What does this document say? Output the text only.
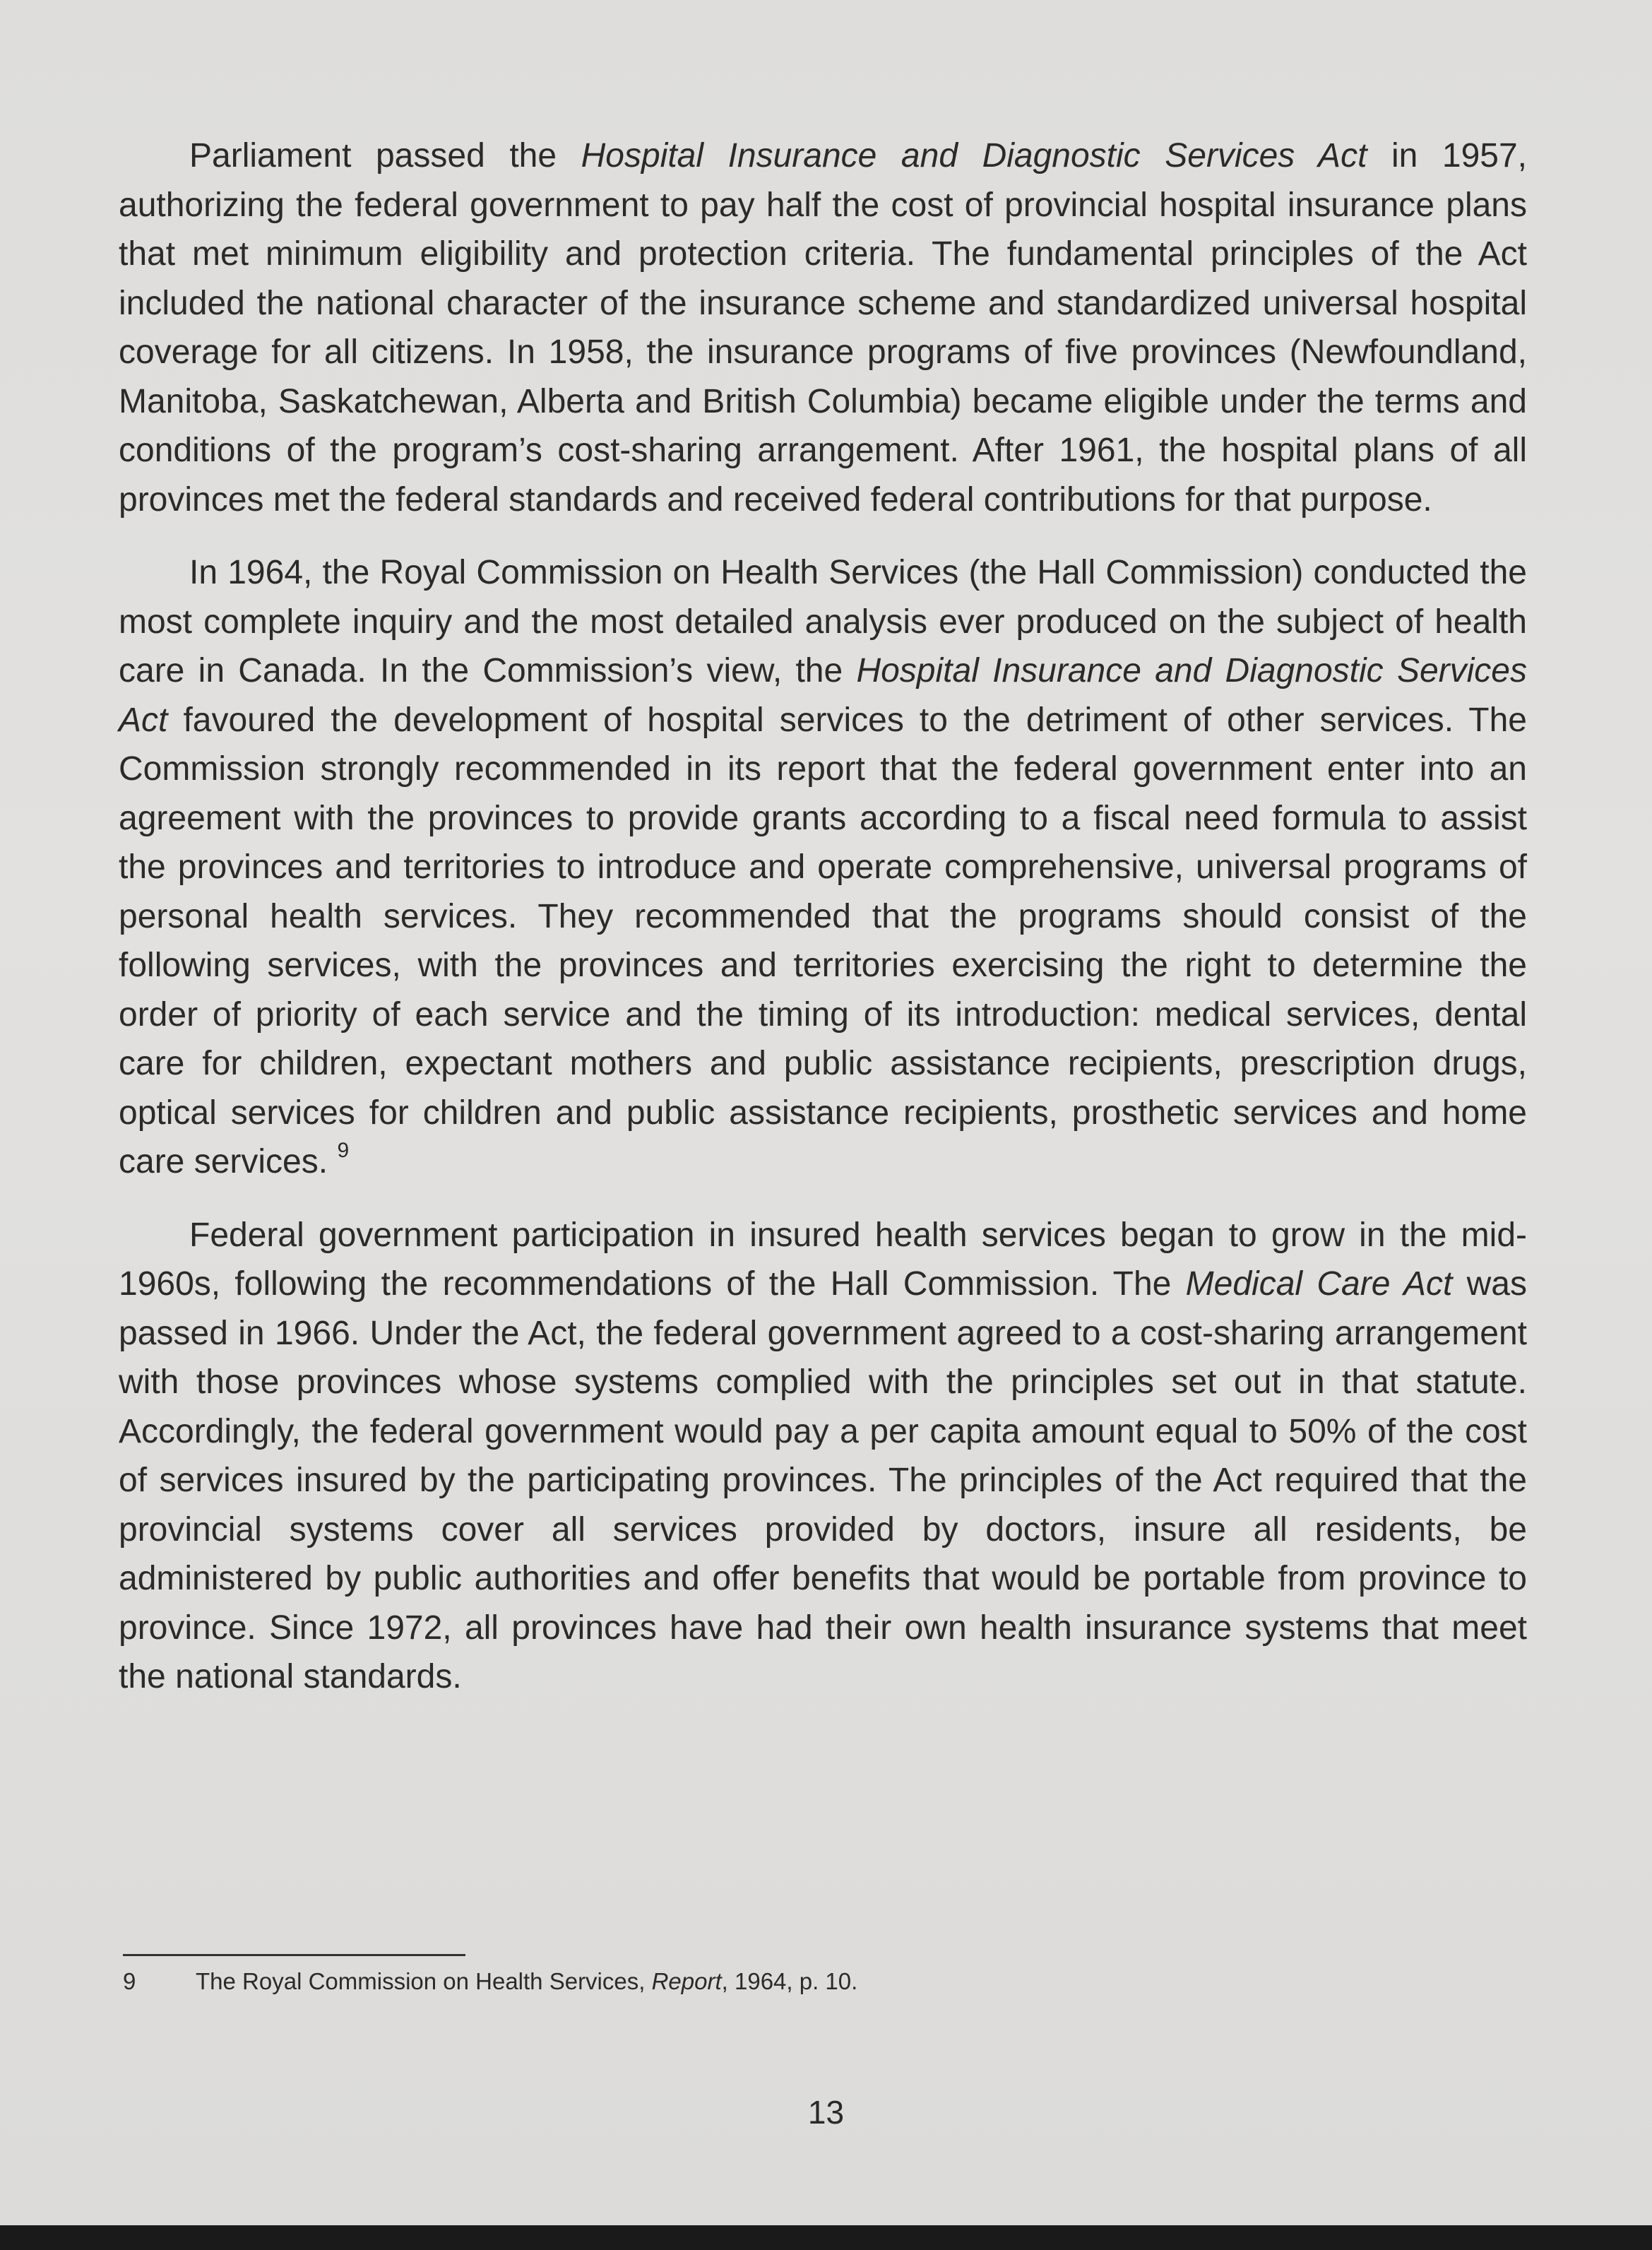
Parliament passed the Hospital Insurance and Diagnostic Services Act in 1957, authorizing the federal government to pay half the cost of provincial hospital insurance plans that met minimum eligibility and protection criteria. The fundamental principles of the Act included the national character of the insurance scheme and standardized universal hospital coverage for all citizens. In 1958, the insurance programs of five provinces (Newfoundland, Manitoba, Saskatchewan, Alberta and British Columbia) became eligible under the terms and conditions of the program’s cost-sharing arrangement. After 1961, the hospital plans of all provinces met the federal standards and received federal contributions for that purpose.

In 1964, the Royal Commission on Health Services (the Hall Commission) conducted the most complete inquiry and the most detailed analysis ever produced on the subject of health care in Canada. In the Commission’s view, the Hospital Insurance and Diagnostic Services Act favoured the development of hospital services to the detriment of other services. The Commission strongly recommended in its report that the federal government enter into an agreement with the provinces to provide grants according to a fiscal need formula to assist the provinces and territories to introduce and operate comprehensive, universal programs of personal health services. They recommended that the programs should consist of the following services, with the provinces and territories exercising the right to determine the order of priority of each service and the timing of its introduction: medical services, dental care for children, expectant mothers and public assistance recipients, prescription drugs, optical services for children and public assistance recipients, prosthetic services and home care services. $^9$

Federal government participation in insured health services began to grow in the mid-1960s, following the recommendations of the Hall Commission. The Medical Care Act was passed in 1966. Under the Act, the federal government agreed to a cost-sharing arrangement with those provinces whose systems complied with the principles set out in that statute. Accordingly, the federal government would pay a per capita amount equal to 50% of the cost of services insured by the participating provinces. The principles of the Act required that the provincial systems cover all services provided by doctors, insure all residents, be administered by public authorities and offer benefits that would be portable from province to province. Since 1972, all provinces have had their own health insurance systems that meet the national standards.

9	The Royal Commission on Health Services, Report, 1964, p. 10.
13
